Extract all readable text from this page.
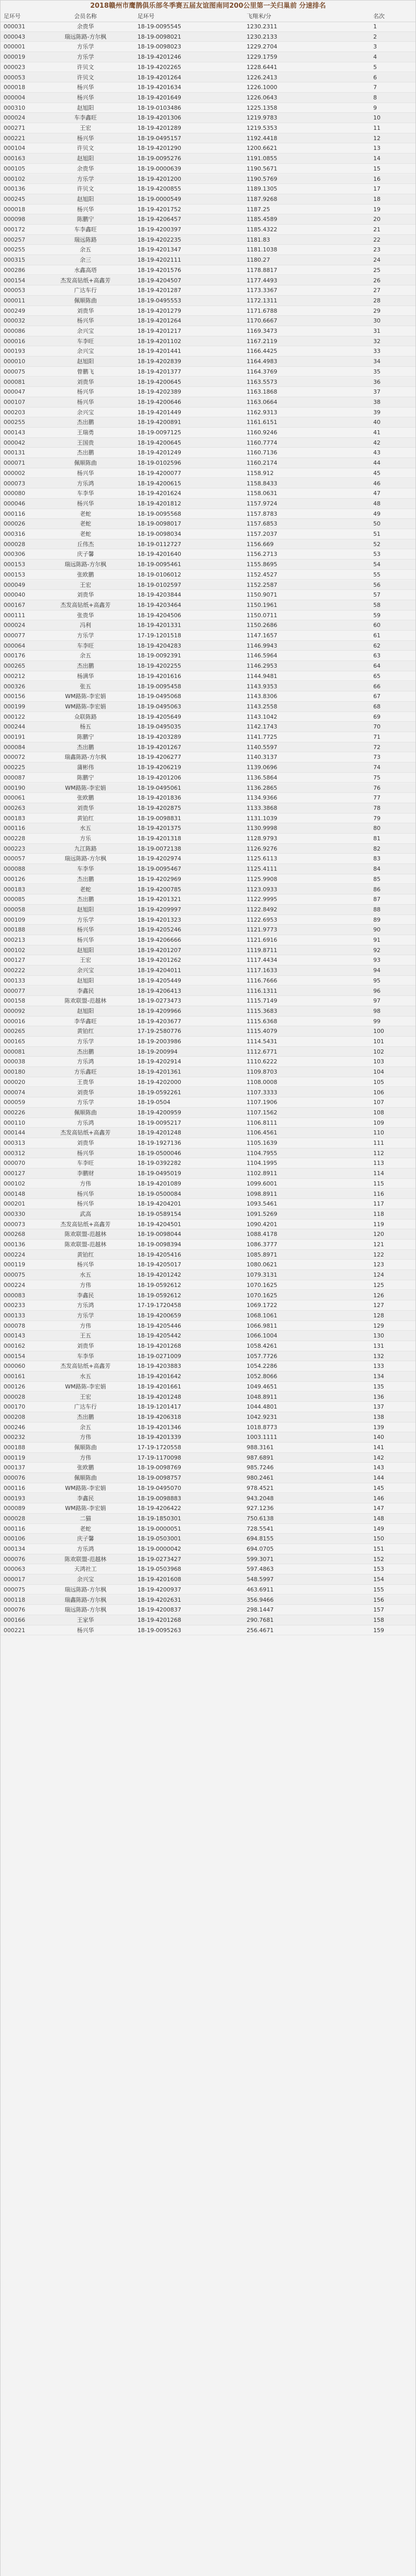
2018赣州市鹰鹊俱乐部冬季赛五届友谊图南同200公里第一关归巢前 分速排名
足环号	会员名称	足环号	飞翔米/分	名次
000031	余贵华	18-19-0095545	1230.2311	1
000043	瑞远陈路-方尔枫	18-19-0098021	1230.2133	2
000001	方乐学	18-19-0098023	1229.2704	3
000019	方乐学	18-19-4201246	1229.1759	4
000023	许贝文	18-19-4202265	1228.6441	5
000053	许贝文	18-19-4201264	1226.2413	6
000018	杨兴华	18-19-4201634	1226.1000	7
000004	杨兴华	18-19-4201649	1226.0643	8
000310	赵旭阳	18-19-0103486	1225.1358	9
000024	车李鑫旺	18-19-4201306	1219.9783	10
000271	王宏	18-19-4201289	1219.5353	11
000221	杨兴华	18-19-0495157	1192.4418	12
000104	许贝文	18-19-4201290	1200.6621	13
000163	赵旭阳	18-19-0095276	1191.0855	14
000105	余贵华	18-19-0000639	1190.5671	15
000102	方乐学	18-19-4201200	1190.5769	16
000136	许贝文	18-19-4200855	1189.1305	17
000245	赵旭阳	18-19-0000549	1187.9268	18
000018	杨兴华	18-19-4201752	1187.25	19
000098	陈鹏宁	18-19-4206457	1185.4589	20
000172	车李鑫旺	18-19-4200397	1185.4322	21
000257	瑞远陈路	18-19-4202235	1181.83	22
000255	余五	18-19-4201347	1181.1038	23
000315	余三	18-19-4202111	1180.27	24
000286	水鑫高塔	18-19-4201576	1178.8817	25
000154	杰发高钻纸+高鑫芳	18-19-4204507	1177.4493	26
000053	广达车行	18-19-4201287	1173.3367	27
000011	佩顺陈曲	18-19-0495553	1172.1311	28
000249	刘贵华	18-19-4201279	1171.6788	29
000032	杨兴华	18-19-4201264	1170.6667	30
000086	余兴宝	18-19-4201217	1169.3473	31
000016	车李旺	18-19-4201102	1167.2119	32
000193	余兴宝	18-19-4201441	1166.4425	33
000010	赵旭阳	18-19-4202839	1164.4983	34
000075	曾鹏飞	18-19-4201377	1164.3769	35
000081	刘贵华	18-19-4200645	1163.5573	36
000047	杨兴华	18-19-4202389	1163.1868	37
000107	杨兴华	18-19-4200646	1163.0664	38
000203	余兴宝	18-19-4201449	1162.9313	39
000255	杰出鹏	18-19-4200891	1161.6151	40
000143	王瑞勇	18-19-0097125	1160.9246	41
000042	王国贵	18-19-4200645	1160.7774	42
000131	杰出鹏	18-19-4201249	1160.7136	43
000071	佩顺陈曲	18-19-0102596	1160.2174	44
000002	杨兴华	18-19-4200077	1158.912	45
000073	方乐鸿	18-19-4200615	1158.8433	46
000080	车李华	18-19-4201624	1158.0631	47
000046	杨兴华	18-19-4201812	1157.9724	48
000116	老蛇	18-19-0095568	1157.8783	49
000026	老蛇	18-19-0098017	1157.6853	50
000316	老蛇	18-19-0098034	1157.2037	51
000028	丘伟杰	18-19-0112727	1156.669	52
000306	庆子馨	18-19-4201640	1156.2713	53
000153	瑞远陈路-方尔枫	18-19-0095461	1155.8695	54
000153	张欧鹏	18-19-0106012	1152.4527	55
000049	王宏	18-19-0102597	1152.2587	56
000040	刘贵华	18-19-4203844	1150.9071	57
000167	杰发高钻纸+高鑫芳	18-19-4203464	1150.1961	58
000111	张贵华	18-19-4204506	1150.0711	59
000024	冯利	18-19-4201331	1150.2686	60
000077	方乐学	17-19-1201518	1147.1657	61
000064	车李旺	18-19-4204283	1146.9943	62
000176	余五	18-19-0092391	1146.5964	63
000265	杰出鹏	18-19-4202255	1146.2953	64
000212	杨满华	18-19-4201616	1144.9481	65
000326	张五	18-19-0095458	1143.9353	66
000156	WM路陈-李宏娟	18-19-0495068	1143.8306	67
000199	WM路陈-李宏娟	18-19-0495063	1143.2558	68
000122	众联陈路	18-19-4205649	1143.1042	69
000244	杨五	18-19-0495035	1142.1743	70
000191	陈鹏宁	18-19-4203289	1141.7725	71
000084	杰出鹏	18-19-4201267	1140.5597	72
000072	瑞鑫陈路-方尔枫	18-19-4206277	1140.3137	73
000225	蒲彬伟	18-19-4206219	1139.0696	74
000087	陈鹏宁	18-19-4201206	1136.5864	75
000190	WM路陈-李宏娟	18-19-0495061	1136.2865	76
000061	张欧鹏	18-19-4201836	1134.9366	77
000263	刘贵华	18-19-4202875	1133.3868	78
000183	黄铂红	18-19-0098831	1131.1039	79
000116	水五	18-19-4201375	1130.9998	80
000228	方乐	18-19-4201318	1128.9793	81
000223	九江陈路	18-19-0072138	1126.9276	82
000057	瑞远陈路-方尔枫	18-19-4202974	1125.6113	83
000088	车李华	18-19-0095467	1125.4111	84
000126	杰出鹏	18-19-4202969	1125.9908	85
000183	老蛇	18-19-4200785	1123.0933	86
000085	杰出鹏	18-19-4201321	1122.9995	87
000058	赵旭阳	18-19-4209997	1122.8492	88
000109	方乐学	18-19-4201323	1122.6953	89
000188	杨兴华	18-19-4205246	1121.9773	90
000213	杨兴华	18-19-4206666	1121.6916	91
000102	赵旭阳	18-19-4201207	1119.8711	92
000127	王宏	18-19-4201262	1117.4434	93
000222	余兴宝	18-19-4204011	1117.1633	94
000133	赵旭阳	18-19-4205449	1116.7666	95
000077	李鑫民	18-19-4206413	1116.1311	96
000158	陈欢联盟-范越林	18-19-0273473	1115.7149	97
000092	赵旭阳	18-19-4209966	1115.3683	98
000016	李华鑫旺	18-19-4203677	1115.6368	99
000265	黄铂红	17-19-2580776	1115.4079	100
000165	方乐学	18-19-2003986	1114.5431	101
000081	杰出鹏	18-19-200994	1112.6771	102
000038	方乐鸿	18-19-4202914	1110.6222	103
000180	方乐鑫旺	18-19-4201361	1109.8703	104
000020	王贵华	18-19-4202000	1108.0008	105
000074	刘贵华	18-19-0592261	1107.3333	106
000059	方乐学	18-19-0504	1107.1906	107
000226	佩顺陈曲	18-19-4200959	1107.1562	108
000110	方乐鸿	18-19-0095217	1106.8111	109
000144	杰发高钻纸+高鑫芳	18-19-4201248	1106.4561	110
000313	刘贵华	18-19-1927136	1105.1639	111
000312	杨兴华	18-19-0500046	1104.7955	112
000070	车李旺	18-19-0392282	1104.1995	113
000127	李鹏财	18-19-0495019	1102.8911	114
000102	方伟	18-19-4201089	1099.6001	115
000148	杨兴华	18-19-0500084	1098.8911	116
000201	杨兴华	18-19-4204201	1093.5461	117
000330	武高	18-19-0589154	1091.5269	118
000073	杰发高钻纸+高鑫芳	18-19-4204501	1090.4201	119
000268	陈欢联盟-范越林	18-19-0098044	1088.4178	120
000136	陈欢联盟-范越林	18-19-0098394	1086.3777	121
000224	黄铂红	18-19-4205416	1085.8971	122
000119	杨兴华	18-19-4205017	1080.0621	123
000075	水五	18-19-4201242	1079.3131	124
000224	方伟	18-19-0592612	1070.1625	125
000083	李鑫民	18-19-0592612	1070.1625	126
000233	方乐鸿	17-19-1720458	1069.1722	127
000133	方乐学	18-19-4200659	1068.1061	128
000078	方伟	18-19-4205446	1066.9811	129
000143	王五	18-19-4205442	1066.1004	130
000162	刘贵华	18-19-4201268	1058.4261	131
000154	车李华	18-19-0271009	1057.7726	132
000060	杰发高钻纸+高鑫芳	18-19-4203883	1054.2286	133
000161	水五	18-19-4201642	1052.8066	134
000126	WM路陈-李宏娟	18-19-4201661	1049.4651	135
000028	王宏	18-19-4201248	1048.8911	136
000170	广达车行	18-19-1201417	1044.4801	137
000208	杰出鹏	18-19-4206318	1042.9231	138
000246	余五	18-19-4201346	1018.8773	139
000232	方伟	18-19-4201339	1003.1111	140
000188	佩顺陈曲	17-19-1720558	988.3161	141
000119	方伟	17-19-1170098	987.6891	142
000137	张欧鹏	18-19-0098769	985.7246	143
000076	佩顺陈曲	18-19-0098757	980.2461	144
000116	WM路陈-李宏娟	18-19-0495070	978.4521	145
000193	李鑫民	18-19-0098883	943.2048	146
000089	WM路陈-李宏娟	18-19-4206422	927.1236	147
000028	二猫	18-19-1850301	750.6138	148
000116	老蛇	18-19-0000051	728.5541	149
000106	庆子馨	18-19-0503001	694.8155	150
000134	方乐鸿	18-19-0000042	694.0705	151
000076	陈欢联盟-范越林	18-19-0273427	599.3071	152
000063	天鸿社工	18-19-0503968	597.4863	153
000017	余兴宝	18-19-4201608	548.5997	154
000075	瑞远陈路-方尔枫	18-19-4200937	463.6911	155
000118	瑞鑫陈路-方尔枫	18-19-4202631	356.9466	156
000076	瑞远陈路-方尔枫	18-19-4200837	298.1447	157
000166	王家华	18-19-4201268	290.7681	158
000221	杨兴华	18-19-0095263	256.4671	159
